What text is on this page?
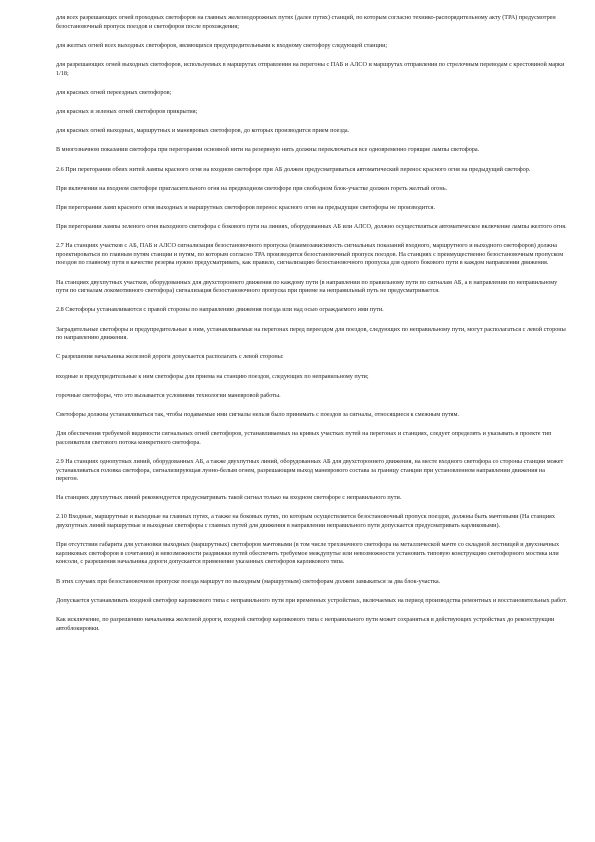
для всех разрешающих огней проходных светофоров на главных железнодорожных путях (далее путях) станций, по которым согласно технико-распорядительному акту (ТРА) предусмотрен безостановочный пропуск поездов и светофоров после прохождения;

для желтых огней всех выходных светофоров, являющихся предупредительными к входному светофору следующей станции;

для разрешающих огней выходных светофоров, используемых в маршрутах отправления на перегоны с ПАБ и АЛСО и маршрутах отправления по стрелочным переводам с крестовиной марки 1/18;

для красных огней переездных светофоров;

для красных и зеленых огней светофоров прикрытия;

для красных огней выходных, маршрутных и маневровых светофоров, до которых производится прием поезда.

В многозначном показании светофора при перегорании основной нити на резервную нить должны переключаться все одновременно горящие лампы светофора.

2.6 При перегорании обеих нитей лампы красного огня на входном светофоре при АБ должен предусматриваться автоматический перенос красного огня на предыдущий светофор.

При включении на входном светофоре пригласительного огня на предвходном светофоре при свободном блок-участке должен гореть желтый огонь.

При перегорании ламп красного огня выходных и маршрутных светофоров перенос красного огня на предыдущие светофоры не производится.

При перегорании лампы зеленого огня выходного светофора с бокового пути на линиях, оборудованных АБ или АЛСО, должно осуществляться автоматическое включение лампы желтого огня.

2.7 На станциях участков с АБ, ПАБ и АЛСО сигнализация безостановочного пропуска (взаимозависимость сигнальных показаний входного, маршрутного и выходного светофоров) должна проектироваться по главным путям станции и путям, по которым согласно ТРА производится безостановочный пропуск поездов. На станциях с преимущественно безостановочным пропуском поездов по главному пути в качестве резерва нужно предусматривать, как правило, сигнализацию безостановочного пропуска для одного бокового пути в каждом направлении движения.

На станциях двухпутных участков, оборудованных для двухстороннего движения по каждому пути (в направлении по правильному пути по сигналам АБ, а в направлении по неправильному пути по сигналам локомотивного светофора) сигнализация безостановочного пропуска при приеме на неправильный путь не предусматривается.

2.8 Светофоры устанавливаются с правой стороны по направлению движения поезда или над осью ограждаемого ими пути.

Заградительные светофоры и предупредительные к ним, устанавливаемые на перегонах перед переездом для поездов, следующих по неправильному пути, могут располагаться с левой стороны по направлению движения.

С разрешения начальника железной дороги допускается располагать с левой стороны:

входные и предупредительные к ним светофоры для приема на станцию поездов, следующих по неправильному пути;

горочные светофоры, что это вызывается условиями технологии маневровой работы.

Светофоры должны устанавливаться так, чтобы подаваемые ими сигналы нельзя было принимать с поездов за сигналы, относящиеся к смежным путям.

Для обеспечения требуемой видимости сигнальных огней светофоров, устанавливаемых на кривых участках путей на перегонах и станциях, следует определять и указывать в проекте тип рассеивателя светового потока конкретного светофора.

2.9 На станциях однопутных линий, оборудованных АБ, а также двухпутных линий, оборудованных АБ для двухстороннего движения, на месте входного светофора со стороны станции может устанавливаться головка светофора, сигнализирующая лунно-белым огнем, разрешающим выход маневрового состава за границу станции при установленном направлении движения на перегон.

На станциях двухпутных линий рекомендуется предусматривать такой сигнал только на входном светофоре с неправильного пути.

2.10 Входные, маршрутные и выходные на главных путях, а также на боковых путях, по которым осуществляется безостановочный пропуск поездов, должны быть мачтовыми (На станциях двухпутных линий маршрутные и выходные светофоры с главных путей для движения в направлении неправильного пути допускается предусматривать карликовыми).

При отсутствии габарита для установки выходных (маршрутных) светофоров мачтовыми (в том числе трехзначного светофора на металлической мачте со складной лестницей и двухзначных карликовых светофоров в сочетании) и невозможности раздвижки путей обеспечить требуемое междупутье или невозможности установить типовую конструкцию светофорного мостика или консоли, с разрешения начальника дороги допускается применение указанных светофоров карликового типа.

В этих случаях при безостановочном пропуске поезда маршрут по выходным (маршрутным) светофорам должен замыкаться за два блок-участка.

Допускается устанавливать входной светофор карликового типа с неправильного пути при временных устройствах, включаемых на период производства ремонтных и восстановительных работ.

Как исключение, по разрешению начальника железной дороги, входной светофор карликового типа с неправильного пути может сохраняться в действующих устройствах до реконструкции автоблокировки.
